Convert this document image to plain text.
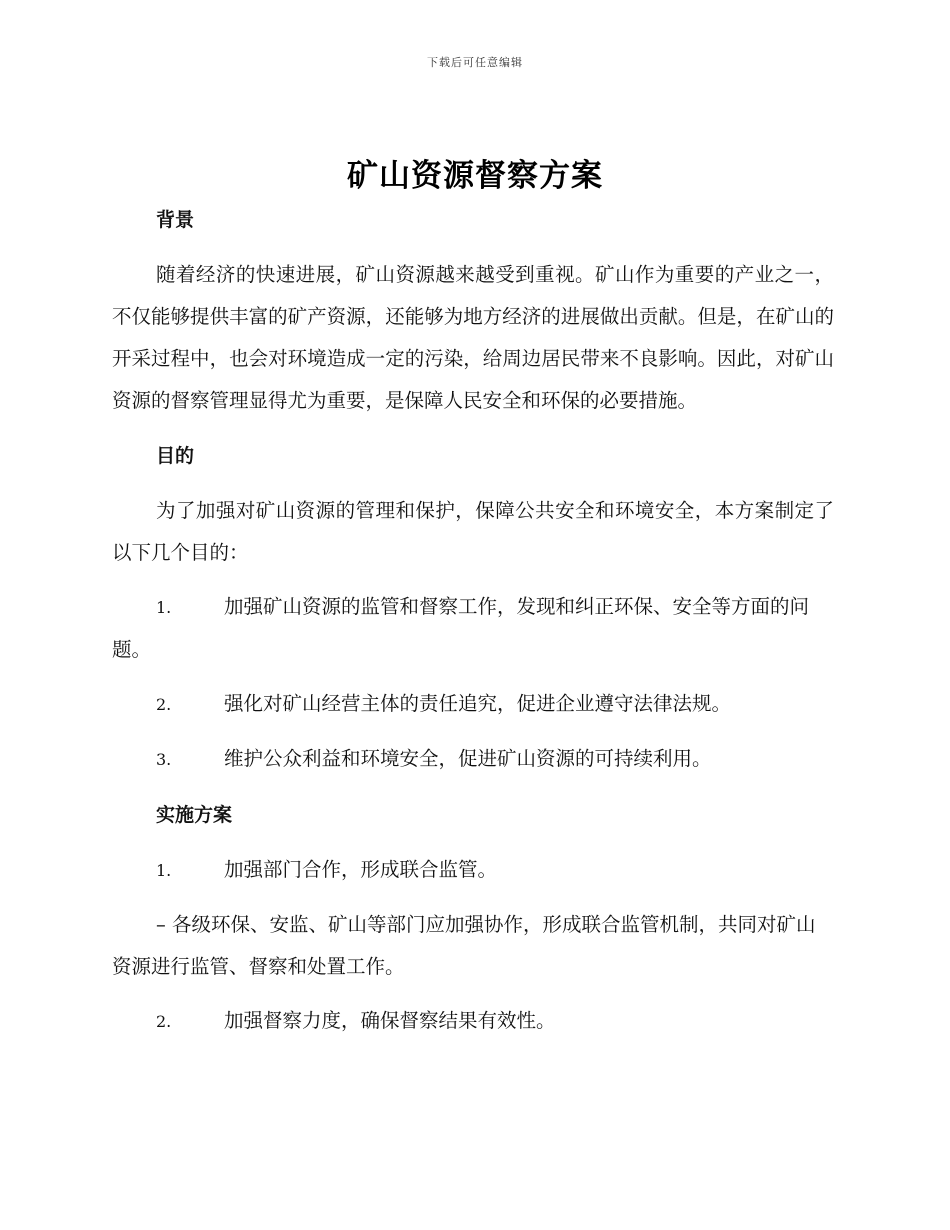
下载后可任意编辑
矿山资源督察方案
背景

随着经济的快速进展，矿山资源越来越受到重视。矿山作为重要的产业之一，不仅能够提供丰富的矿产资源，还能够为地方经济的进展做出贡献。但是，在矿山的开采过程中，也会对环境造成一定的污染，给周边居民带来不良影响。因此，对矿山资源的督察管理显得尤为重要，是保障人民安全和环保的必要措施。

目的

为了加强对矿山资源的管理和保护，保障公共安全和环境安全，本方案制定了以下几个目的：

1.	加强矿山资源的监管和督察工作，发现和纠正环保、安全等方面的问题。
2.	强化对矿山经营主体的责任追究，促进企业遵守法律法规。
3.	维护公众利益和环境安全，促进矿山资源的可持续利用。
实施方案
1.	加强部门合作，形成联合监管。

– 各级环保、安监、矿山等部门应加强协作，形成联合监管机制，共同对矿山资源进行监管、督察和处置工作。

2.	加强督察力度，确保督察结果有效性。
